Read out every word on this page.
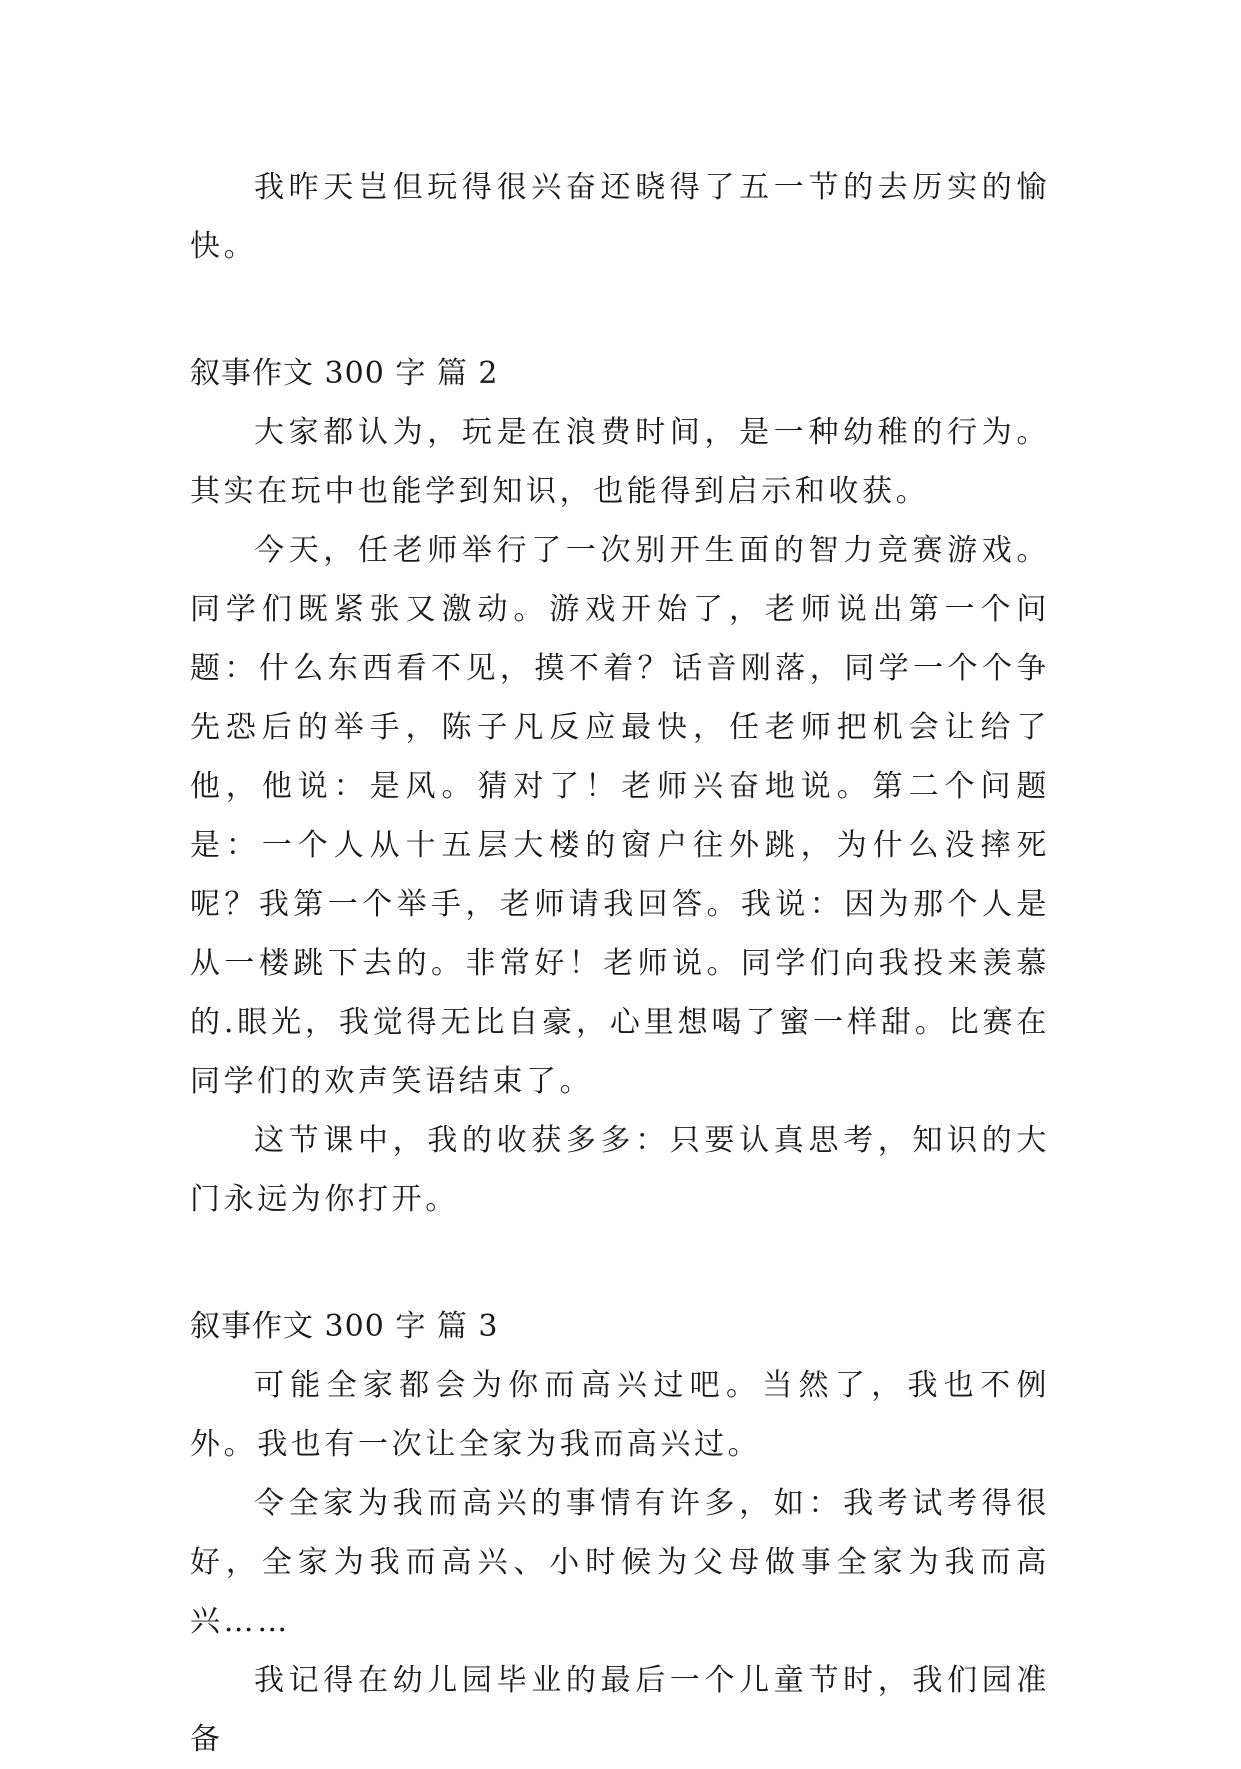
我昨天岂但玩得很兴奋还晓得了五一节的去历实的愉快。

叙事作文 300 字 篇 2

大家都认为，玩是在浪费时间，是一种幼稚的行为。其实在玩中也能学到知识，也能得到启示和收获。

今天，任老师举行了一次别开生面的智力竞赛游戏。同学们既紧张又激动。游戏开始了，老师说出第一个问题：什么东西看不见，摸不着？话音刚落，同学一个个争先恐后的举手，陈子凡反应最快，任老师把机会让给了他，他说：是风。猜对了！老师兴奋地说。第二个问题是：一个人从十五层大楼的窗户往外跳，为什么没摔死呢？我第一个举手，老师请我回答。我说：因为那个人是从一楼跳下去的。非常好！老师说。同学们向我投来羡慕的.眼光，我觉得无比自豪，心里想喝了蜜一样甜。比赛在同学们的欢声笑语结束了。

这节课中，我的收获多多：只要认真思考，知识的大门永远为你打开。

叙事作文 300 字 篇 3

可能全家都会为你而高兴过吧。当然了，我也不例外。我也有一次让全家为我而高兴过。

令全家为我而高兴的事情有许多，如：我考试考得很好，全家为我而高兴、小时候为父母做事全家为我而高兴……

我记得在幼儿园毕业的最后一个儿童节时，我们园准备
